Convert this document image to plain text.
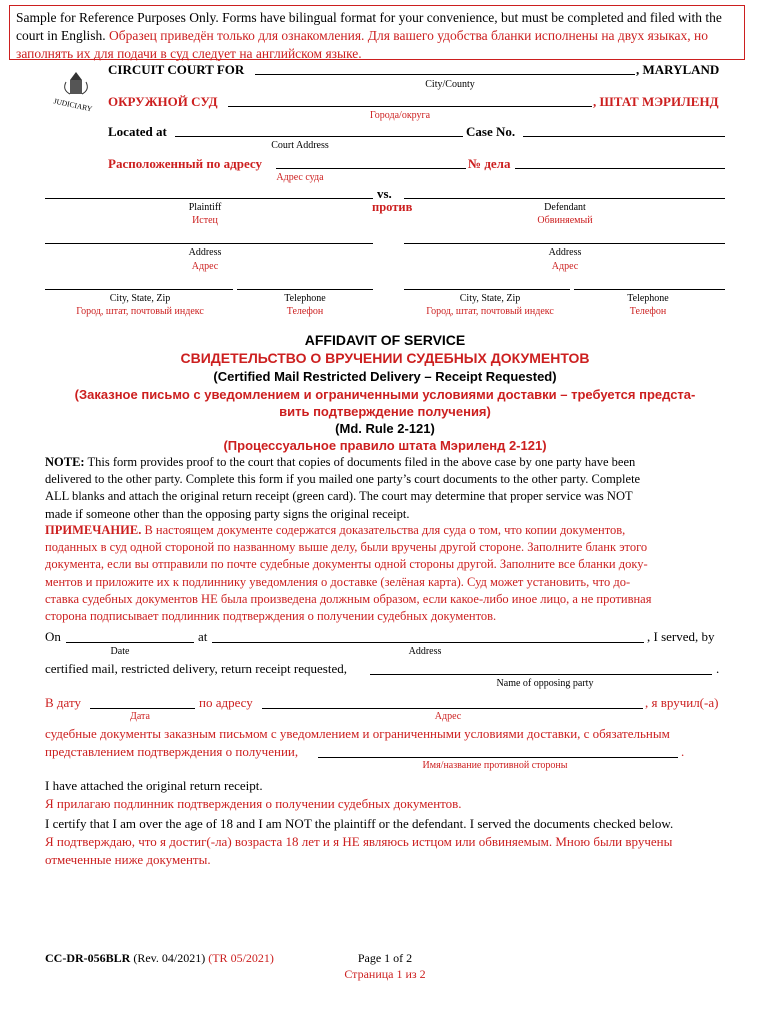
Sample for Reference Purposes Only. Forms have bilingual format for your convenience, but must be completed and filed with the court in English. Образец приведён только для ознакомления. Для вашего удобства бланки исполнены на двух языках, но заполнять их для подачи в суд следует на английском языке.
JUDICIARY
CIRCUIT COURT FOR	, MARYLAND
City/County
ОКРУЖНОЙ СУД	, ШТАТ МЭРИЛЕНД
Города/округа
Located at	Case No.
Court Address
Расположенный по адресу	№ дела
Адрес суда
vs.
Plaintiff	против	Defendant
Истец	Обвиняемый
Address	Address
Адрес	Адрес
City, State, Zip	Telephone	City, State, Zip	Telephone
Город, штат, почтовый индекс	Телефон	Город, штат, почтовый индекс	Телефон
AFFIDAVIT OF SERVICE
СВИДЕТЕЛЬСТВО О ВРУЧЕНИИ СУДЕБНЫХ ДОКУМЕНТОВ
(Certified Mail Restricted Delivery – Receipt Requested)
(Заказное письмо с уведомлением и ограниченными условиями доставки – требуется предста-
вить подтверждение получения)
(Md. Rule 2-121)
(Процессуальное правило штата Мэриленд 2-121)
NOTE: This form provides proof to the court that copies of documents filed in the above case by one party have been
delivered to the other party. Complete this form if you mailed one party’s court documents to the other party. Complete
ALL blanks and attach the original return receipt (green card). The court may determine that proper service was NOT
made if someone other than the opposing party signs the original receipt.
ПРИМЕЧАНИЕ. В настоящем документе содержатся доказательства для суда о том, что копии документов,
поданных в суд одной стороной по названному выше делу, были вручены другой стороне. Заполните бланк этого
документа, если вы отправили по почте судебные документы одной стороны другой. Заполните все бланки доку-
ментов и приложите их к подлиннику уведомления о доставке (зелёная карта). Суд может установить, что до-
ставка судебных документов НЕ была произведена должным образом, если какое-либо иное лицо, а не противная
сторона подписывает подлинник подтверждения о получении судебных документов.
On	at	, I served, by
Date	Address
certified mail, restricted delivery, return receipt requested,	.
Name of opposing party
В дату	по адресу	, я вручил(-а)
Дата	Адрес
судебные документы заказным письмом с уведомлением и ограниченными условиями доставки, с обязательным
представлением подтверждения о получении,	.
Имя/название противной стороны
I have attached the original return receipt.
Я прилагаю подлинник подтверждения о получении судебных документов.
I certify that I am over the age of 18 and I am NOT the plaintiff or the defendant. I served the documents checked below.
Я подтверждаю, что я достиг(-ла) возраста 18 лет и я НЕ являюсь истцом или обвиняемым. Мною были вручены
отмеченные ниже документы.
CC-DR-056BLR (Rev. 04/2021) (TR 05/2021)	Page 1 of 2
Страница 1 из 2
